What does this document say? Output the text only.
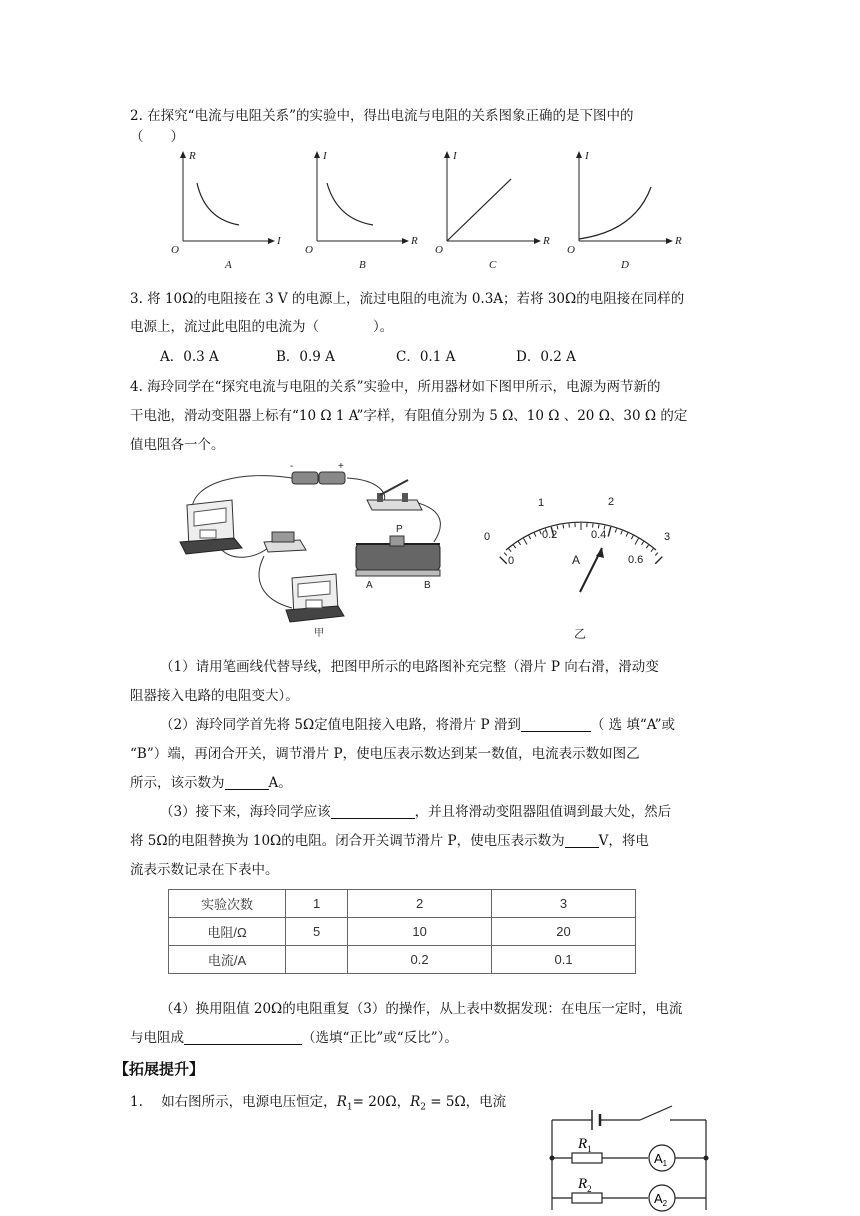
2. 在探究“电流与电阻关系”的实验中，得出电流与电阻的关系图象正确的是下图中的
（　　）
R
I
O
A
I
R
O
B
I
R
O
C
I
R
O
D
3. 将 10Ω的电阻接在 3 V 的电源上，流过电阻的电流为 0.3A；若将 30Ω的电阻接在同样的
电源上，流过此电阻的电流为（　　　　）。
A．0.3 A	B．0.9 A	C．0.1 A	D．0.2 A
4. 海玲同学在“探究电流与电阻的关系”实验中，所用器材如下图甲所示，电源为两节新的
干电池，滑动变阻器上标有“10 Ω 1 A”字样，有阻值分别为 5 Ω、10 Ω 、20 Ω、30 Ω 的定
值电阻各一个。
-	+
P
A	B
甲
0
1	2
3
0
0.2	0.4
0.6
A
乙
（1）请用笔画线代替导线，把图甲所示的电路图补充完整（滑片 P 向右滑，滑动变
阻器接入电路的电阻变大）。
（2）海玲同学首先将 5Ω定值电阻接入电路，将滑片 P 滑到	（ 选 填“A”或
“B”）端，再闭合开关，调节滑片 P，使电压表示数达到某一数值，电流表示数如图乙
所示，该示数为	A。
（3）接下来，海玲同学应该	，并且将滑动变阻器阻值调到最大处，然后
将 5Ω的电阻替换为 10Ω的电阻。闭合开关调节滑片 P，使电压表示数为	V，将电
流表示数记录在下表中。
实验次数	1	2	3
电阻/Ω	5	10	20
电流/A		0.2	0.1
（4）换用阻值 20Ω的电阻重复（3）的操作，从上表中数据发现：在电压一定时，电流
与电阻成	（选填“正比”或“反比”）。
【拓展提升】
1. 如右图所示，电源电压恒定，$R_1= 20\Omega$，$R_2 = 5\Omega$，电流
$R_1$
$R_2$
$A_1$
$A_2$
